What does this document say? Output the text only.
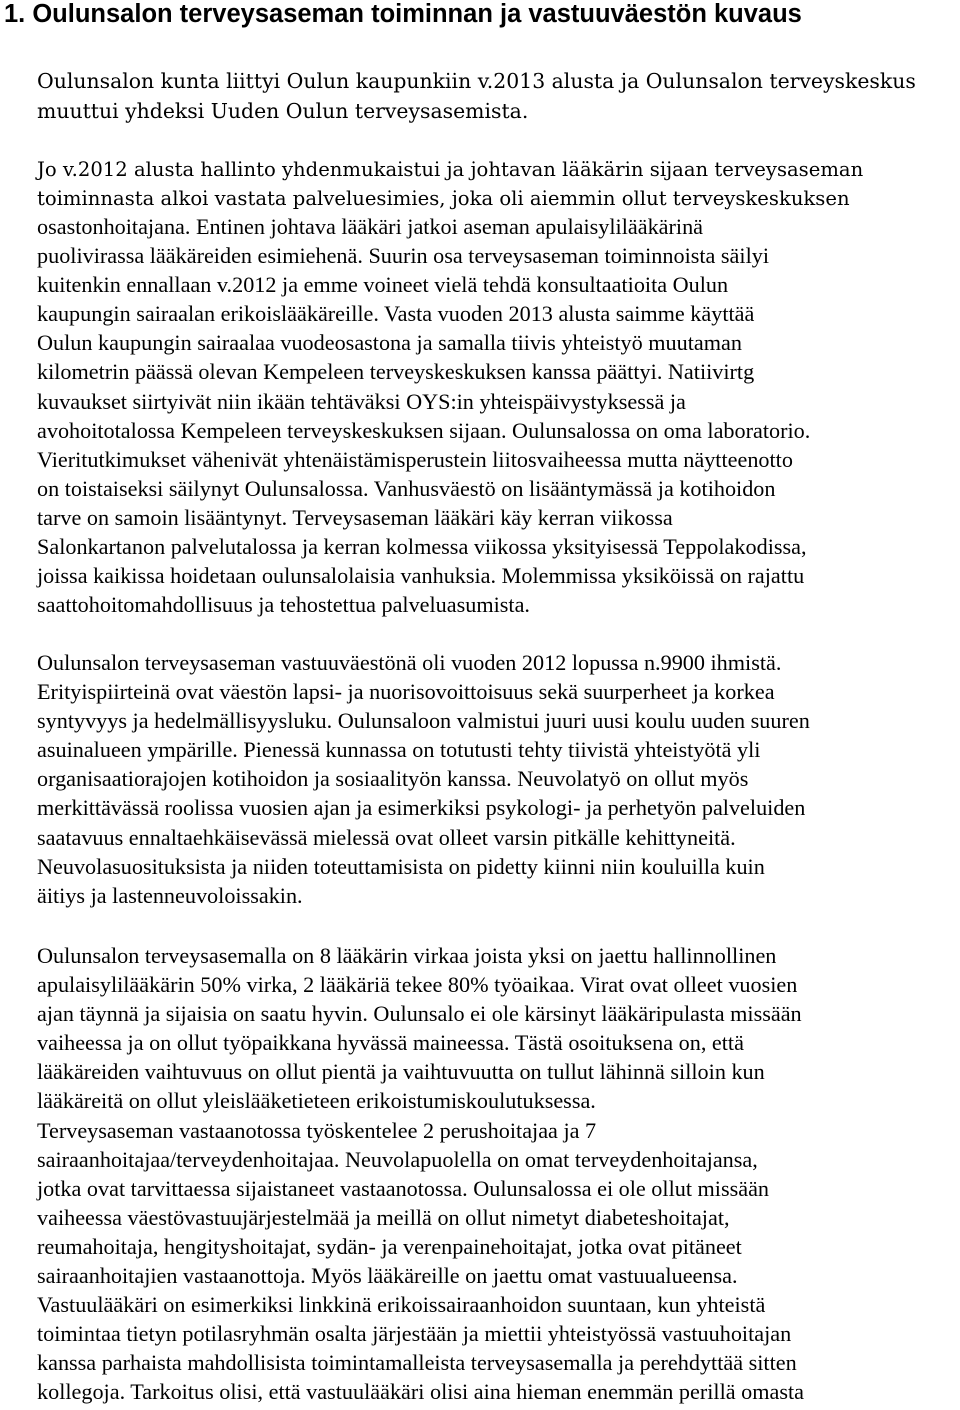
1. Oulunsalon terveysaseman toiminnan ja vastuuväestön kuvaus
Oulunsalon kunta liittyi Oulun kaupunkiin v.2013 alusta ja Oulunsalon terveyskeskus
muuttui yhdeksi Uuden Oulun terveysasemista.
Jo v.2012 alusta hallinto yhdenmukaistui ja johtavan lääkärin sijaan terveysaseman
toiminnasta alkoi vastata palveluesimies, joka oli aiemmin ollut terveyskeskuksen
osastonhoitajana. Entinen johtava lääkäri jatkoi aseman apulaisylilääkärinä
puolivirassa lääkäreiden esimiehenä. Suurin osa terveysaseman toiminnoista säilyi
kuitenkin ennallaan v.2012 ja emme voineet vielä tehdä konsultaatioita Oulun
kaupungin sairaalan erikoislääkäreille. Vasta vuoden 2013 alusta saimme käyttää
Oulun kaupungin sairaalaa vuodeosastona ja samalla tiivis yhteistyö muutaman
kilometrin päässä olevan Kempeleen terveyskeskuksen kanssa päättyi. Natiivirtg
kuvaukset siirtyivät niin ikään tehtäväksi OYS:in yhteispäivystyksessä ja
avohoitotalossa Kempeleen terveyskeskuksen sijaan. Oulunsalossa on oma laboratorio.
Vieritutkimukset vähenivät yhtenäistämisperustein liitosvaiheessa mutta näytteenotto
on toistaiseksi säilynyt Oulunsalossa. Vanhusväestö on lisääntymässä ja kotihoidon
tarve on samoin lisääntynyt. Terveysaseman lääkäri käy kerran viikossa
Salonkartanon palvelutalossa ja kerran kolmessa viikossa yksityisessä Teppolakodissa,
joissa kaikissa hoidetaan oulunsalolaisia vanhuksia. Molemmissa yksiköissä on rajattu
saattohoitomahdollisuus ja tehostettua palveluasumista.
Oulunsalon terveysaseman vastuuväestönä oli vuoden 2012 lopussa n.9900 ihmistä.
Erityispiirteinä ovat väestön lapsi- ja nuorisovoittoisuus sekä suurperheet ja korkea
syntyvyys ja hedelmällisyysluku. Oulunsaloon valmistui juuri uusi koulu uuden suuren
asuinalueen ympärille. Pienessä kunnassa on totutusti tehty tiivistä yhteistyötä yli
organisaatiorajojen kotihoidon ja sosiaalityön kanssa. Neuvolatyö on ollut myös
merkittävässä roolissa vuosien ajan ja esimerkiksi psykologi- ja perhetyön palveluiden
saatavuus ennaltaehkäisevässä mielessä ovat olleet varsin pitkälle kehittyneitä.
Neuvolasuosituksista ja niiden toteuttamisista on pidetty kiinni niin kouluilla kuin
äitiys ja lastenneuvoloissakin.
Oulunsalon terveysasemalla on 8 lääkärin virkaa joista yksi on jaettu hallinnollinen
apulaisylilääkärin 50% virka, 2 lääkäriä tekee 80% työaikaa. Virat ovat olleet vuosien
ajan täynnä ja sijaisia on saatu hyvin. Oulunsalo ei ole kärsinyt lääkäripulasta missään
vaiheessa ja on ollut työpaikkana hyvässä maineessa. Tästä osoituksena on, että
lääkäreiden vaihtuvuus on ollut pientä ja vaihtuvuutta on tullut lähinnä silloin kun
lääkäreitä on ollut yleislääketieteen erikoistumiskoulutuksessa.
Terveysaseman vastaanotossa työskentelee 2 perushoitajaa ja 7
sairaanhoitajaa/terveydenhoitajaa. Neuvolapuolella on omat terveydenhoitajansa,
jotka ovat tarvittaessa sijaistaneet vastaanotossa. Oulunsalossa ei ole ollut missään
vaiheessa väestövastuujärjestelmää ja meillä on ollut nimetyt diabeteshoitajat,
reumahoitaja, hengityshoitajat, sydän- ja verenpainehoitajat, jotka ovat pitäneet
sairaanhoitajien vastaanottoja. Myös lääkäreille on jaettu omat vastuualueensa.
Vastuulääkäri on esimerkiksi linkkinä erikoissairaanhoidon suuntaan, kun yhteistä
toimintaa tietyn potilasryhmän osalta järjestään ja miettii yhteistyössä vastuuhoitajan
kanssa parhaista mahdollisista toimintamalleista terveysasemalla ja perehdyttää sitten
kollegoja. Tarkoitus olisi, että vastuulääkäri olisi aina hieman enemmän perillä omasta
